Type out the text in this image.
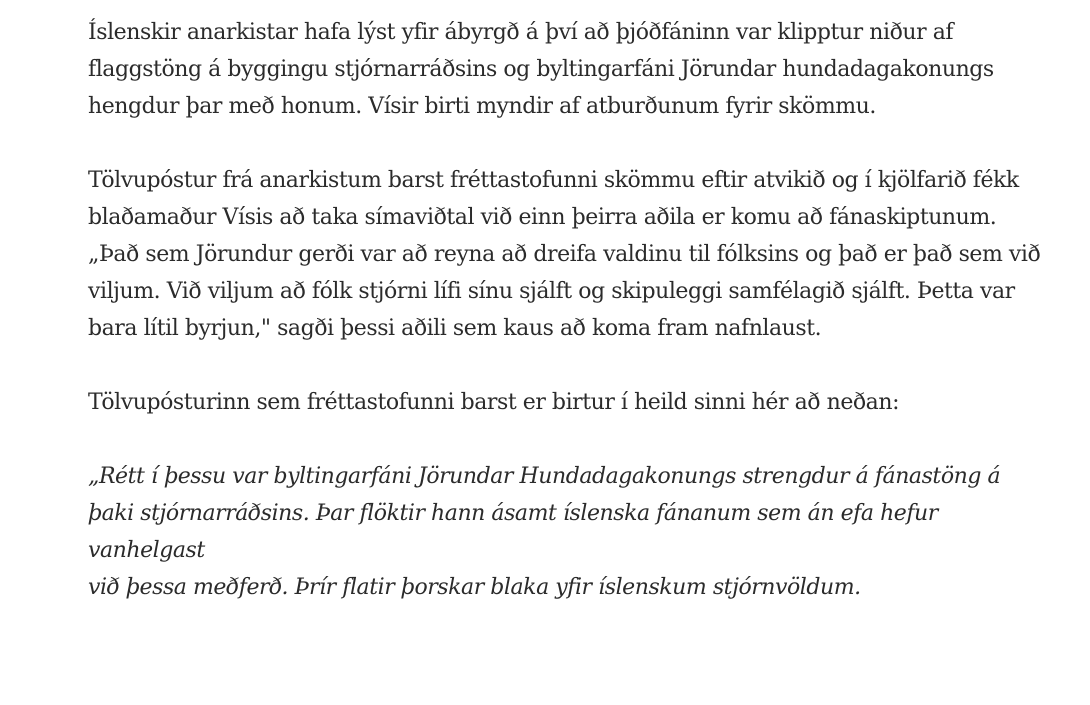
Íslenskir anarkistar hafa lýst yfir ábyrgð á því að þjóðfáninn var klipptur niður af flaggstöng á byggingu stjórnarráðsins og byltingarfáni Jörundar hundadagakonungs hengdur þar með honum. Vísir birti myndir af atburðunum fyrir skömmu.

Tölvupóstur frá anarkistum barst fréttastofunni skömmu eftir atvikið og í kjölfarið fékk blaðamaður Vísis að taka símaviðtal við einn þeirra aðila er komu að fánaskiptunum. „Það sem Jörundur gerði var að reyna að dreifa valdinu til fólksins og það er það sem við viljum. Við viljum að fólk stjórni lífi sínu sjálft og skipuleggi samfélagið sjálft. Þetta var bara lítil byrjun," sagði þessi aðili sem kaus að koma fram nafnlaust.

Tölvupósturinn sem fréttastofunni barst er birtur í heild sinni hér að neðan:

„Rétt í þessu var byltingarfáni Jörundar Hundadagakonungs strengdur á fánastöng á
þaki stjórnarráðsins. Þar flöktir hann ásamt íslenska fánanum sem án efa hefur vanhelgast
við þessa meðferð. Þrír flatir þorskar blaka yfir íslenskum stjórnvöldum.
